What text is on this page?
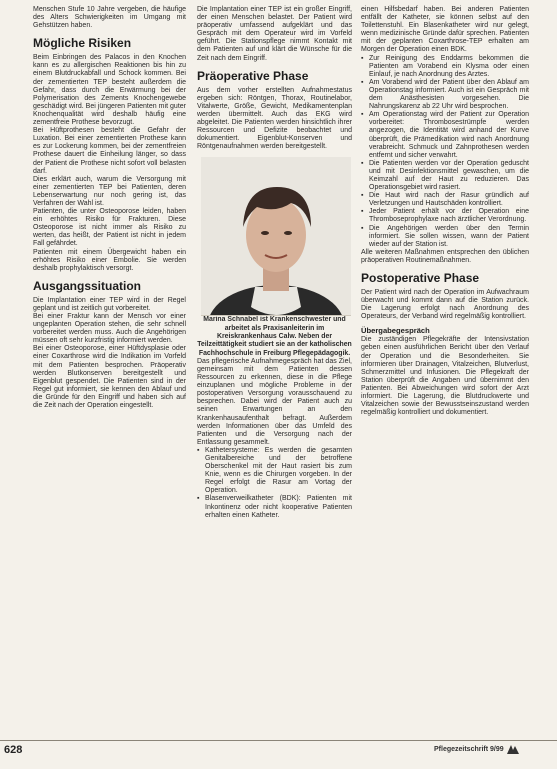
Menschen Stufe 10 Jahre vergeben, die häufige des Alters Schwierigkeiten im Umgang mit Gehstützen haben.

Mögliche Risiken

Beim Einbringen des Palacos in den Knochen kann es zu allergischen Reaktionen bis hin zu einem Blutdruckabfall und Schock kommen. Bei der zementierten TEP besteht außerdem die Gefahr, dass durch die Erwärmung bei der Polymerisation des Zements Knochengewebe geschädigt wird. Bei jüngeren Patienten mit guter Knochenqualität wird deshalb häufig eine zementfreie Prothese bevorzugt.

Bei Hüftprothesen besteht die Gefahr der Luxation. Bei einer zementierten Prothese kann es zur Lockerung kommen, bei der zementfreien Prothese dauert die Einheilung länger, so dass der Patient die Prothese nicht sofort voll belasten darf.

Dies erklärt auch, warum die Versorgung mit einer zementierten TEP bei Patienten, deren Lebenserwartung nur noch gering ist, das Verfahren der Wahl ist.

Patienten, die unter Osteoporose leiden, haben ein erhöhtes Risiko für Frakturen. Diese Osteoporose ist nicht immer als Risiko zu werten, das heißt, der Patient ist nicht in jedem Fall gefährdet.

Patienten mit einem Übergewicht haben ein erhöhtes Risiko einer Embolie. Sie werden deshalb prophylaktisch versorgt.

Ausgangssituation

Die Implantation einer TEP wird in der Regel geplant und ist zeitlich gut vorbereitet.

Bei einer Fraktur kann der Mensch vor einer ungeplanten Operation stehen, die sehr schnell vorbereitet werden muss. Auch die Angehörigen müssen oft sehr kurzfristig informiert werden.

Bei einer Osteoporose, einer Hüftdysplasie oder einer Coxarthrose wird die Indikation im Vorfeld mit dem Patienten besprochen. Präoperativ werden Blutkonserven bereitgestellt und Eigenblut gespendet. Die Patienten sind in der Regel gut informiert, sie kennen den Ablauf und die Gründe für den Eingriff und haben sich auf die Zeit nach der Operation eingestellt.

Die Implantation einer TEP ist ein großer Eingriff, der einen Menschen belastet. Der Patient wird präoperativ umfassend aufgeklärt und das Gespräch mit dem Operateur wird im Vorfeld geführt. Die Stationspflege nimmt Kontakt mit dem Patienten auf und klärt die Wünsche für die Zeit nach dem Eingriff.

Präoperative Phase

Aus dem vorher erstellten Aufnahmestatus ergeben sich: Röntgen, Thorax, Routinelabor, Vitalwerte, Größe, Gewicht, Medikamentenplan werden übermittelt. Auch das EKG wird abgeleitet. Die Patienten werden hinsichtlich ihrer Ressourcen und Defizite beobachtet und dokumentiert. Eigenblut-Konserven und Röntgenaufnahmen werden bereitgestellt.

Marina Schnabel ist Krankenschwester und arbeitet als Praxisanleiterin im Kreiskrankenhaus Calw. Neben der Teilzeittätigkeit studiert sie an der katholischen Fachhochschule in Freiburg Pflegepädagogik.

Das pflegerische Aufnahmegespräch hat das Ziel, gemeinsam mit dem Patienten dessen Ressourcen zu erkennen, diese in die Pflege einzuplanen und mögliche Probleme in der postoperativen Versorgung vorausschauend zu besprechen. Dabei wird der Patient auch zu seinen Erwartungen an den Krankenhausaufenthalt befragt. Außerdem werden Informationen über das Umfeld des Patienten und die Versorgung nach der Entlassung gesammelt.

▪ Kathetersysteme: Es werden die gesamten Genitalbereiche und der betroffene Oberschenkel mit der Haut rasiert bis zum Knie, wenn es die Chirurgen vorgeben. In der Regel erfolgt die Rasur am Vortag der Operation.
▪ Blasenverweilkatheter (BDK): Patienten mit Inkontinenz oder nicht kooperative Patienten erhalten einen Katheter.

einen Hilfsbedarf haben. Bei anderen Patienten entfällt der Katheter, sie können selbst auf den Toilettenstuhl. Ein Blasenkatheter wird nur gelegt, wenn medizinische Gründe dafür sprechen. Patienten mit der geplanten Coxarthrose-TEP erhalten am Morgen der Operation einen BDK.

▪ Zur Reinigung des Enddarms bekommen die Patienten am Vorabend ein Klysma oder einen Einlauf, je nach Anordnung des Arztes.
▪ Am Vorabend wird der Patient über den Ablauf am Operationstag informiert. Auch ist ein Gespräch mit dem Anästhesisten vorgesehen. Die Nahrungskarenz ab 22 Uhr wird besprochen.
▪ Am Operationstag wird der Patient zur Operation vorbereitet: Thrombosestrümpfe werden angezogen, die Identität wird anhand der Kurve überprüft, die Prämedikation wird nach Anordnung verabreicht. Schmuck und Zahnprothesen werden entfernt und sicher verwahrt.
▪ Die Patienten werden vor der Operation geduscht und mit Desinfektionsmittel gewaschen, um die Keimzahl auf der Haut zu reduzieren. Das Operationsgebiet wird rasiert.
▪ Die Haut wird nach der Rasur gründlich auf Verletzungen und Hautschäden kontrolliert.
▪ Jeder Patient erhält vor der Operation eine Thromboseprophylaxe nach ärztlicher Verordnung.
▪ Die Angehörigen werden über den Termin informiert. Sie sollen wissen, wann der Patient wieder auf der Station ist.

Alle weiteren Maßnahmen entsprechen den üblichen präoperativen Routinemaßnahmen.

Postoperative Phase

Der Patient wird nach der Operation im Aufwachraum überwacht und kommt dann auf die Station zurück. Die Lagerung erfolgt nach Anordnung des Operateurs, der Verband wird regelmäßig kontrolliert.

Übergabegespräch

Die zuständigen Pflegekräfte der Intensivstation geben einen ausführlichen Bericht über den Verlauf der Operation und die Besonderheiten. Sie informieren über Drainagen, Vitalzeichen, Blutverlust, Schmerzmittel und Infusionen. Die Pflegekraft der Station überprüft die Angaben und übernimmt den Patienten. Bei Abweichungen wird sofort der Arzt informiert. Die Lagerung, die Blutdruckwerte und Vitalzeichen sowie der Bewusstseinszustand werden regelmäßig kontrolliert und dokumentiert.

628	Pflegezeitschrift 9/99
